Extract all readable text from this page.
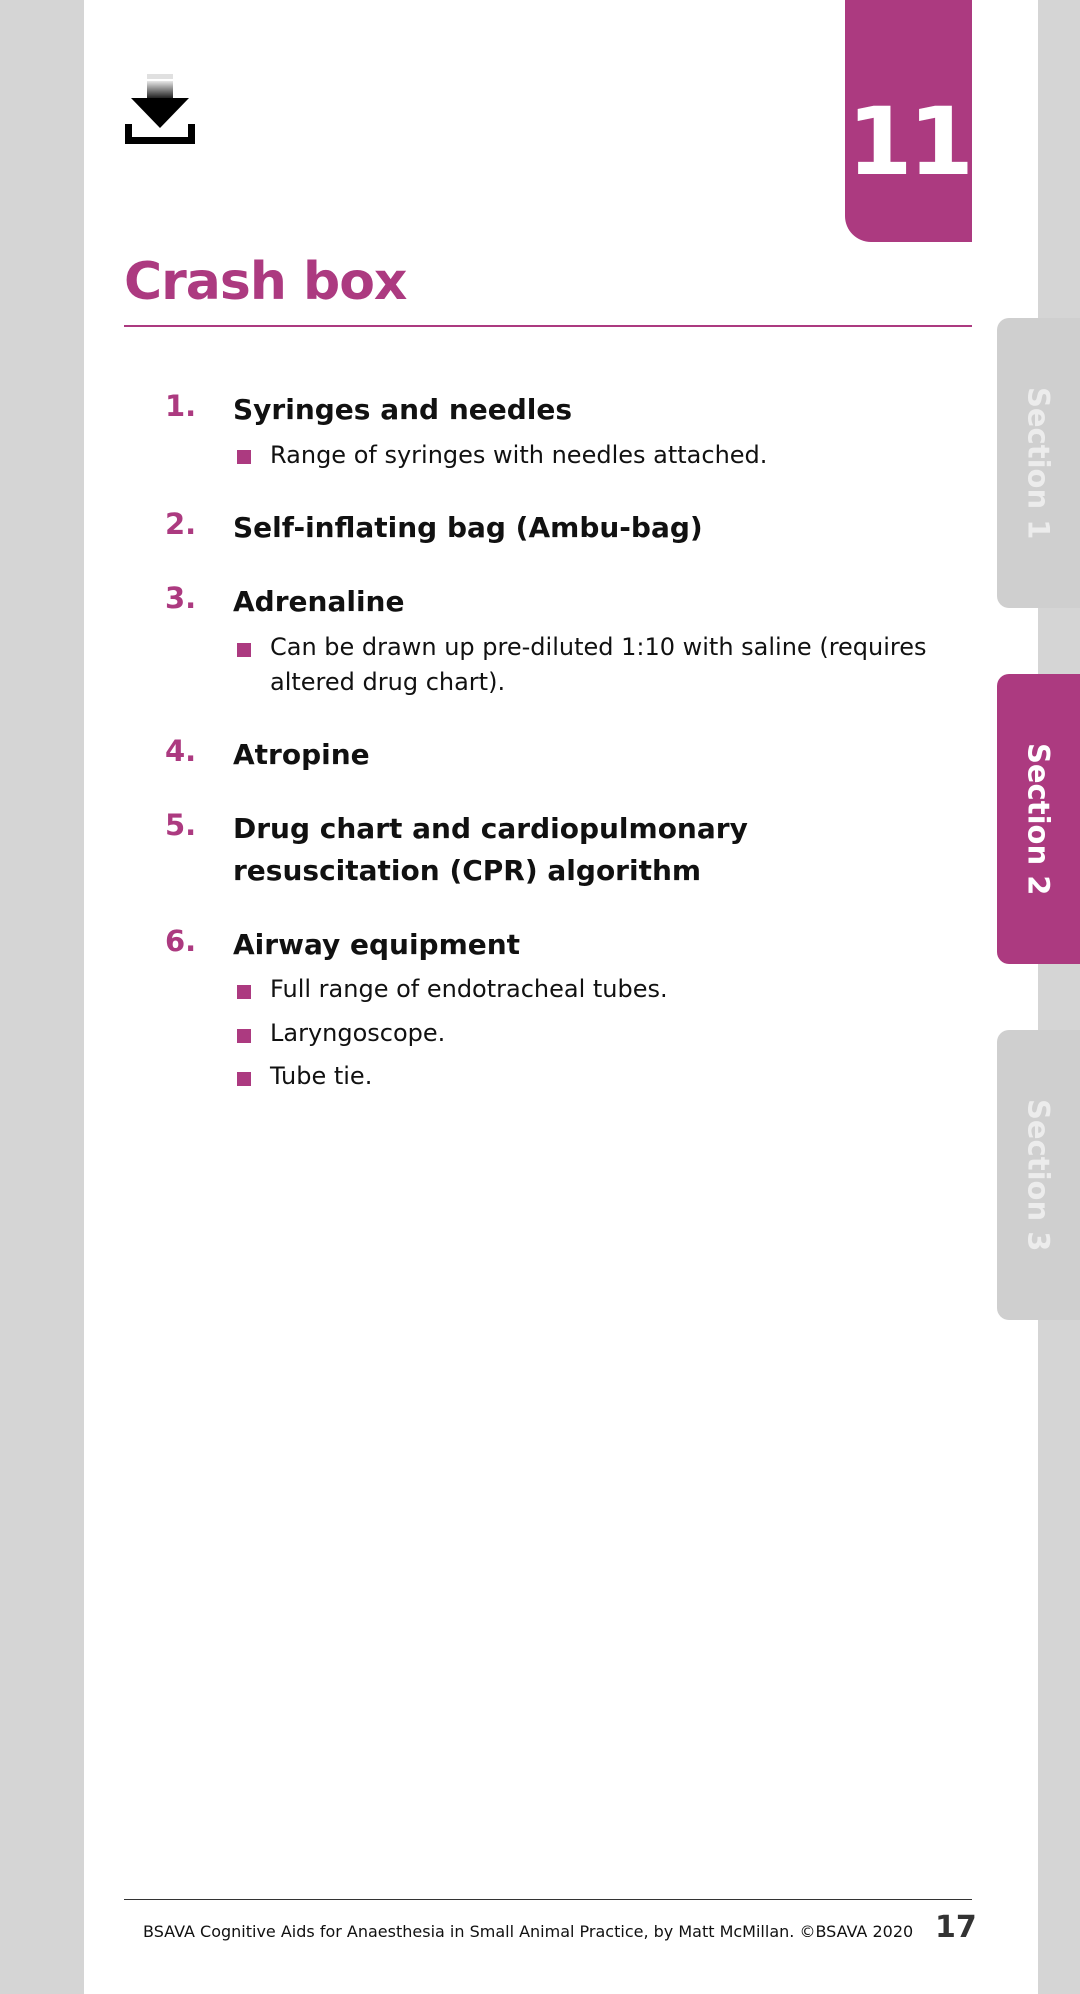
11
Crash box
Section 1
Section 2
Section 3
1. Syringes and needles
Range of syringes with needles attached.
2. Self-inflating bag (Ambu-bag)
3. Adrenaline
Can be drawn up pre-diluted 1:10 with saline (requires altered drug chart).
4. Atropine
5. Drug chart and cardiopulmonary resuscitation (CPR) algorithm
6. Airway equipment
Full range of endotracheal tubes.
Laryngoscope.
Tube tie.
BSAVA Cognitive Aids for Anaesthesia in Small Animal Practice, by Matt McMillan. ©BSAVA 2020 17
